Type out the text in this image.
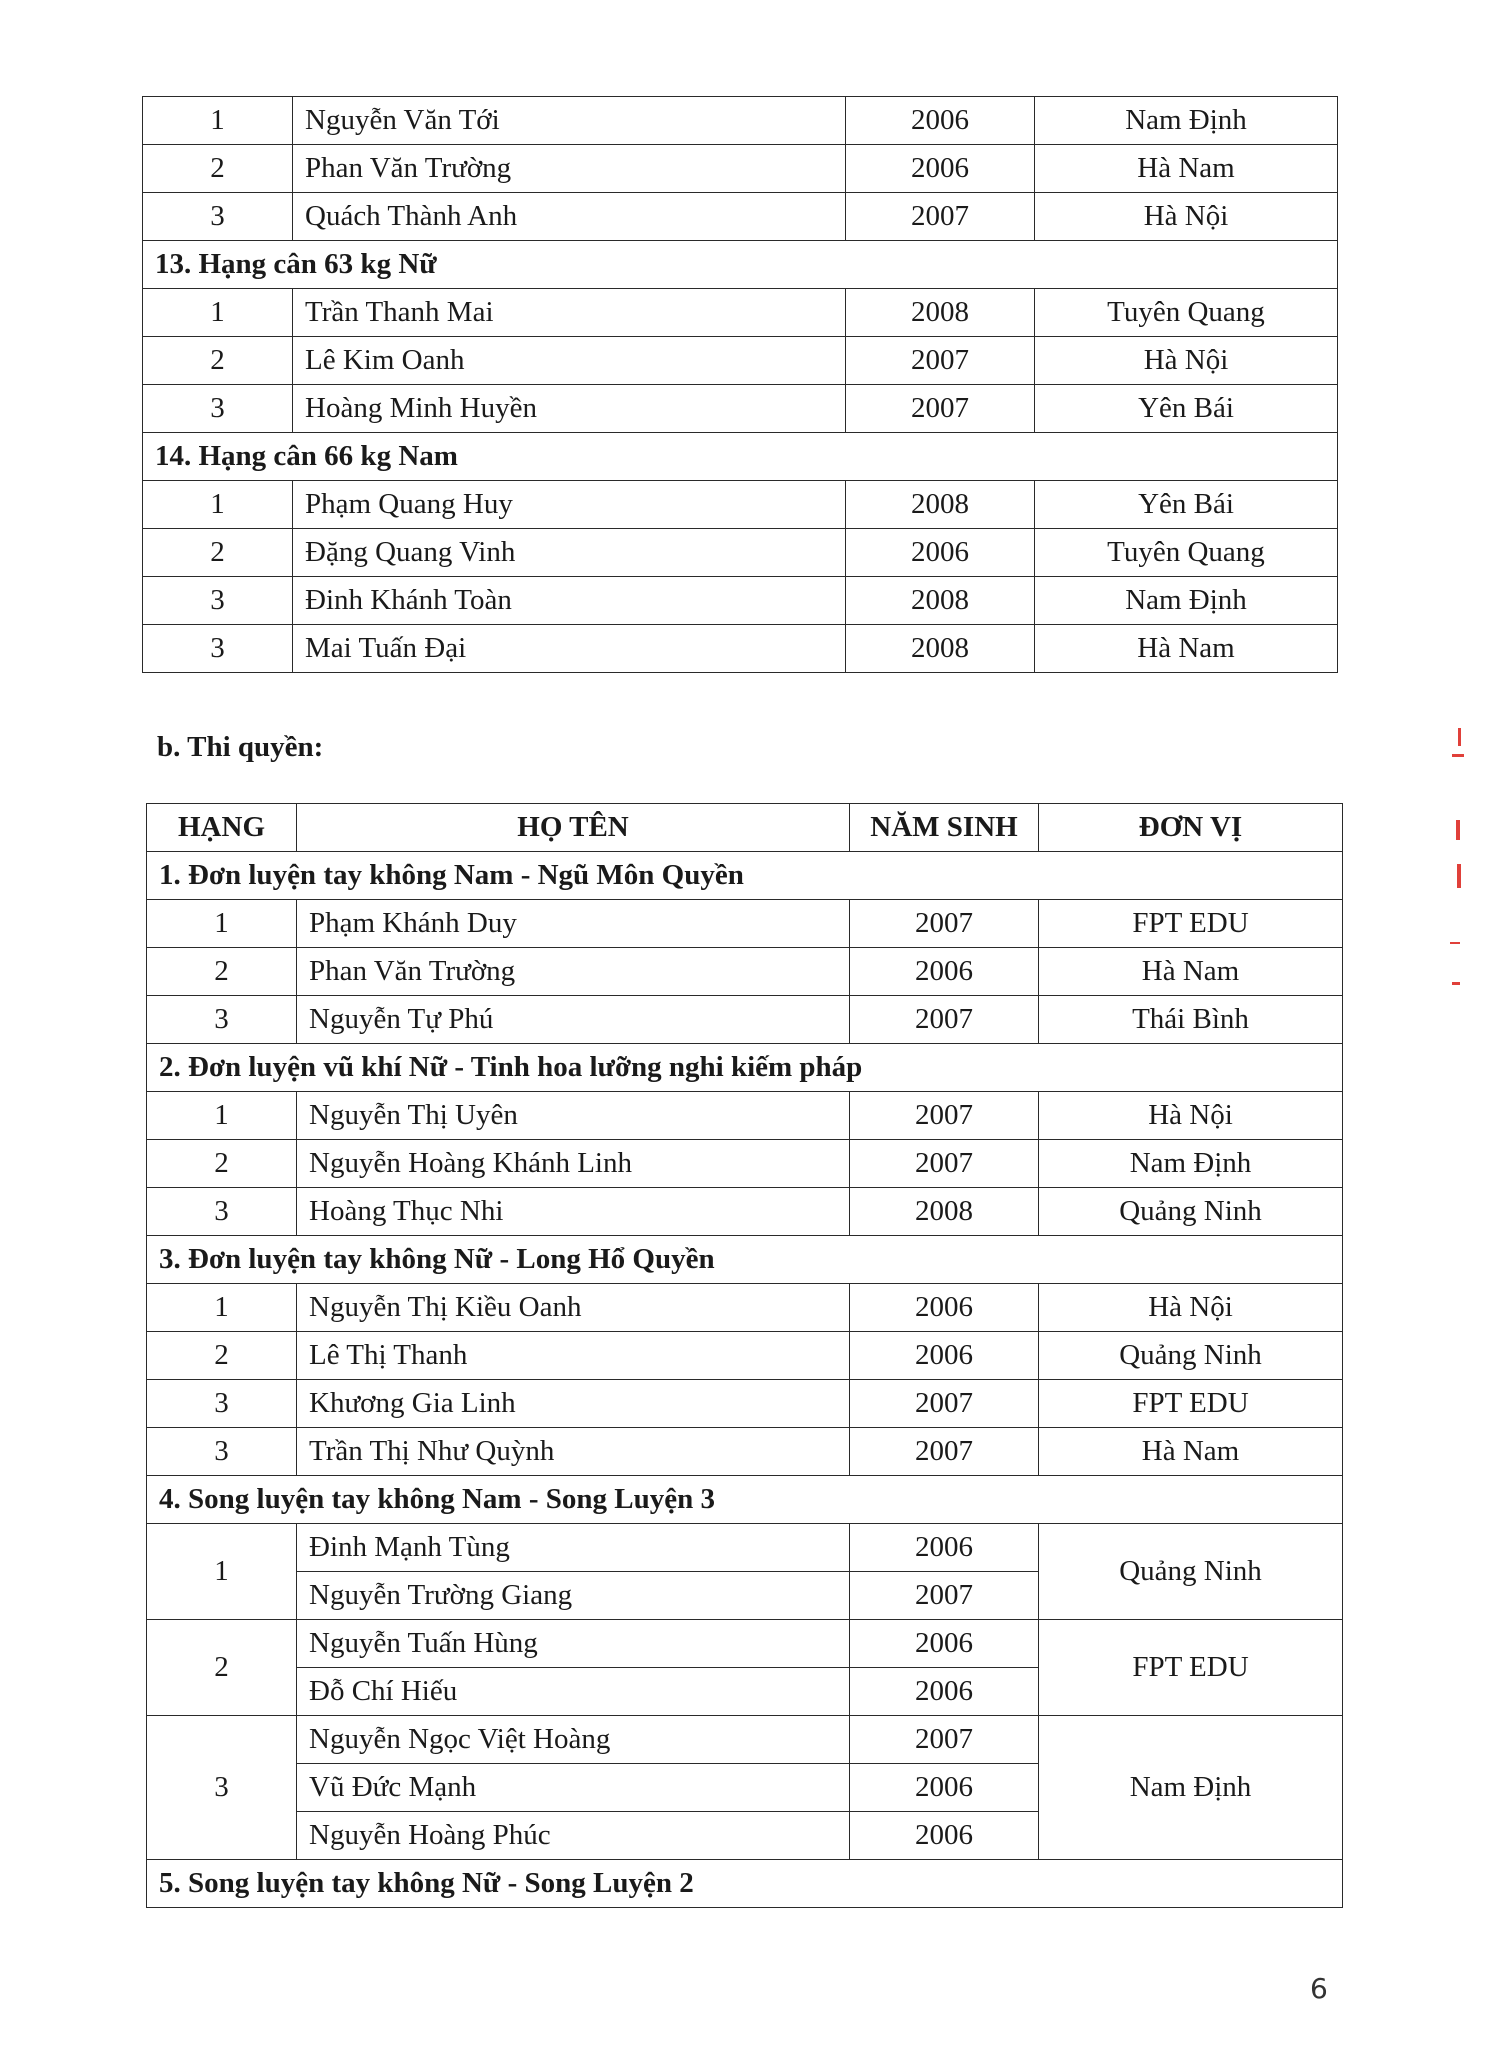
1	Nguyễn Văn Tới	2006	Nam Định
2	Phan Văn Trường	2006	Hà Nam
3	Quách Thành Anh	2007	Hà Nội
13. Hạng cân 63 kg Nữ			
1	Trần Thanh Mai	2008	Tuyên Quang
2	Lê Kim Oanh	2007	Hà Nội
3	Hoàng Minh Huyền	2007	Yên Bái
14. Hạng cân 66 kg Nam			
1	Phạm Quang Huy	2008	Yên Bái
2	Đặng Quang Vinh	2006	Tuyên Quang
3	Đinh Khánh Toàn	2008	Nam Định
3	Mai Tuấn Đại	2008	Hà Nam
b. Thi quyền:
HẠNG	HỌ TÊN	NĂM SINH	ĐƠN VỊ
1. Đơn luyện tay không Nam - Ngũ Môn Quyền			
1	Phạm Khánh Duy	2007	FPT EDU
2	Phan Văn Trường	2006	Hà Nam
3	Nguyễn Tự Phú	2007	Thái Bình
2. Đơn luyện vũ khí Nữ - Tinh hoa lưỡng nghi kiếm pháp			
1	Nguyễn Thị Uyên	2007	Hà Nội
2	Nguyễn Hoàng Khánh Linh	2007	Nam Định
3	Hoàng Thục Nhi	2008	Quảng Ninh
3. Đơn luyện tay không Nữ - Long Hổ Quyền			
1	Nguyễn Thị Kiều Oanh	2006	Hà Nội
2	Lê Thị Thanh	2006	Quảng Ninh
3	Khương Gia Linh	2007	FPT EDU
3	Trần Thị Như Quỳnh	2007	Hà Nam
4. Song luyện tay không Nam - Song Luyện 3			
1	Đinh Mạnh Tùng	2006	Quảng Ninh
	Nguyễn Trường Giang	2007	
2	Nguyễn Tuấn Hùng	2006	FPT EDU
	Đỗ Chí Hiếu	2006	
3	Nguyễn Ngọc Việt Hoàng	2007	Nam Định
	Vũ Đức Mạnh	2006	
	Nguyễn Hoàng Phúc	2006	
5. Song luyện tay không Nữ - Song Luyện 2			
6
